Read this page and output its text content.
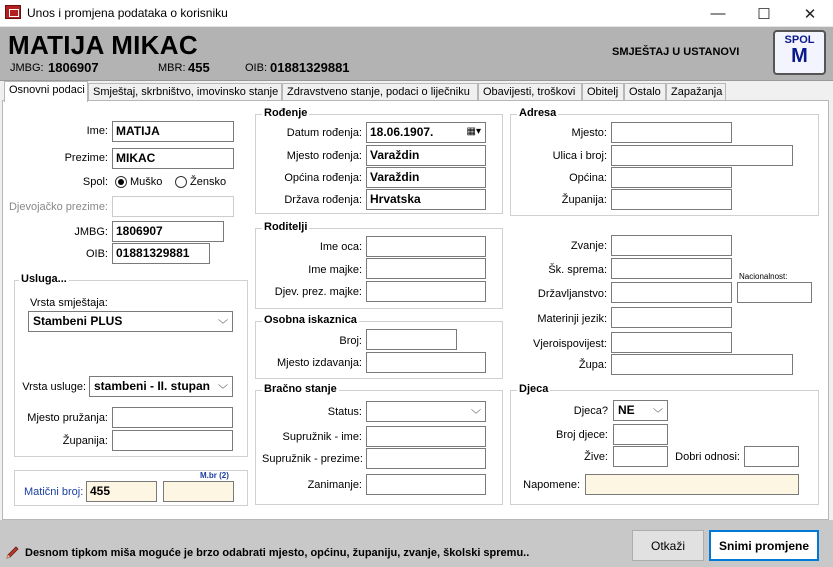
Unos i promjena podataka o korisniku	—	☐	✕
MATIJA MIKAC
JMBG: 1806907	MBR: 455	OIB: 01881329881
SMJEŠTAJ U USTANOVI
SPOL
M
Osnovni podaci Smještaj, skrbništvo, imovinsko stanje Zdravstveno stanje, podaci o liječniku	Obavijesti, troškovi	Obitelj Ostalo Zapažanja
Ime: MATIJA
Prezime: MIKAC
Spol: Muško	Žensko
Djevojačko prezime:
JMBG: 1806907
OIB: 01881329881
Usluga...
Vrsta smještaja:
Stambeni PLUS	﹀
Vrsta usluge: stambeni - II. stupan ﹀
Mjesto pružanja:
Županija:
Matični broj: 455
M.br (2)
Rođenje
Datum rođenja: 18.06.1907.	▦▾
Mjesto rođenja: Varaždin
Općina rođenja: Varaždin
Država rođenja: Hrvatska
Roditelji
Ime oca:
Ime majke:
Djev. prez. majke:
Osobna iskaznica
Broj:
Mjesto izdavanja:
Bračno stanje
Status:	﹀
Supružnik - ime:
Supružnik - prezime:
Zanimanje:
Adresa
Mjesto:
Ulica i broj:
Općina:
Županija:
Zvanje:
Šk. sprema:
Nacionalnost:
Državljanstvo:
Materinji jezik:
Vjeroispovijest:
Župa:
Djeca
Djeca? NE ﹀
Broj djece:
Žive:	Dobri odnosi:
Napomene:
Desnom tipkom miša moguće je brzo odabrati mjesto, općinu, županiju, zvanje, školski spremu..
Otkaži	Snimi promjene
